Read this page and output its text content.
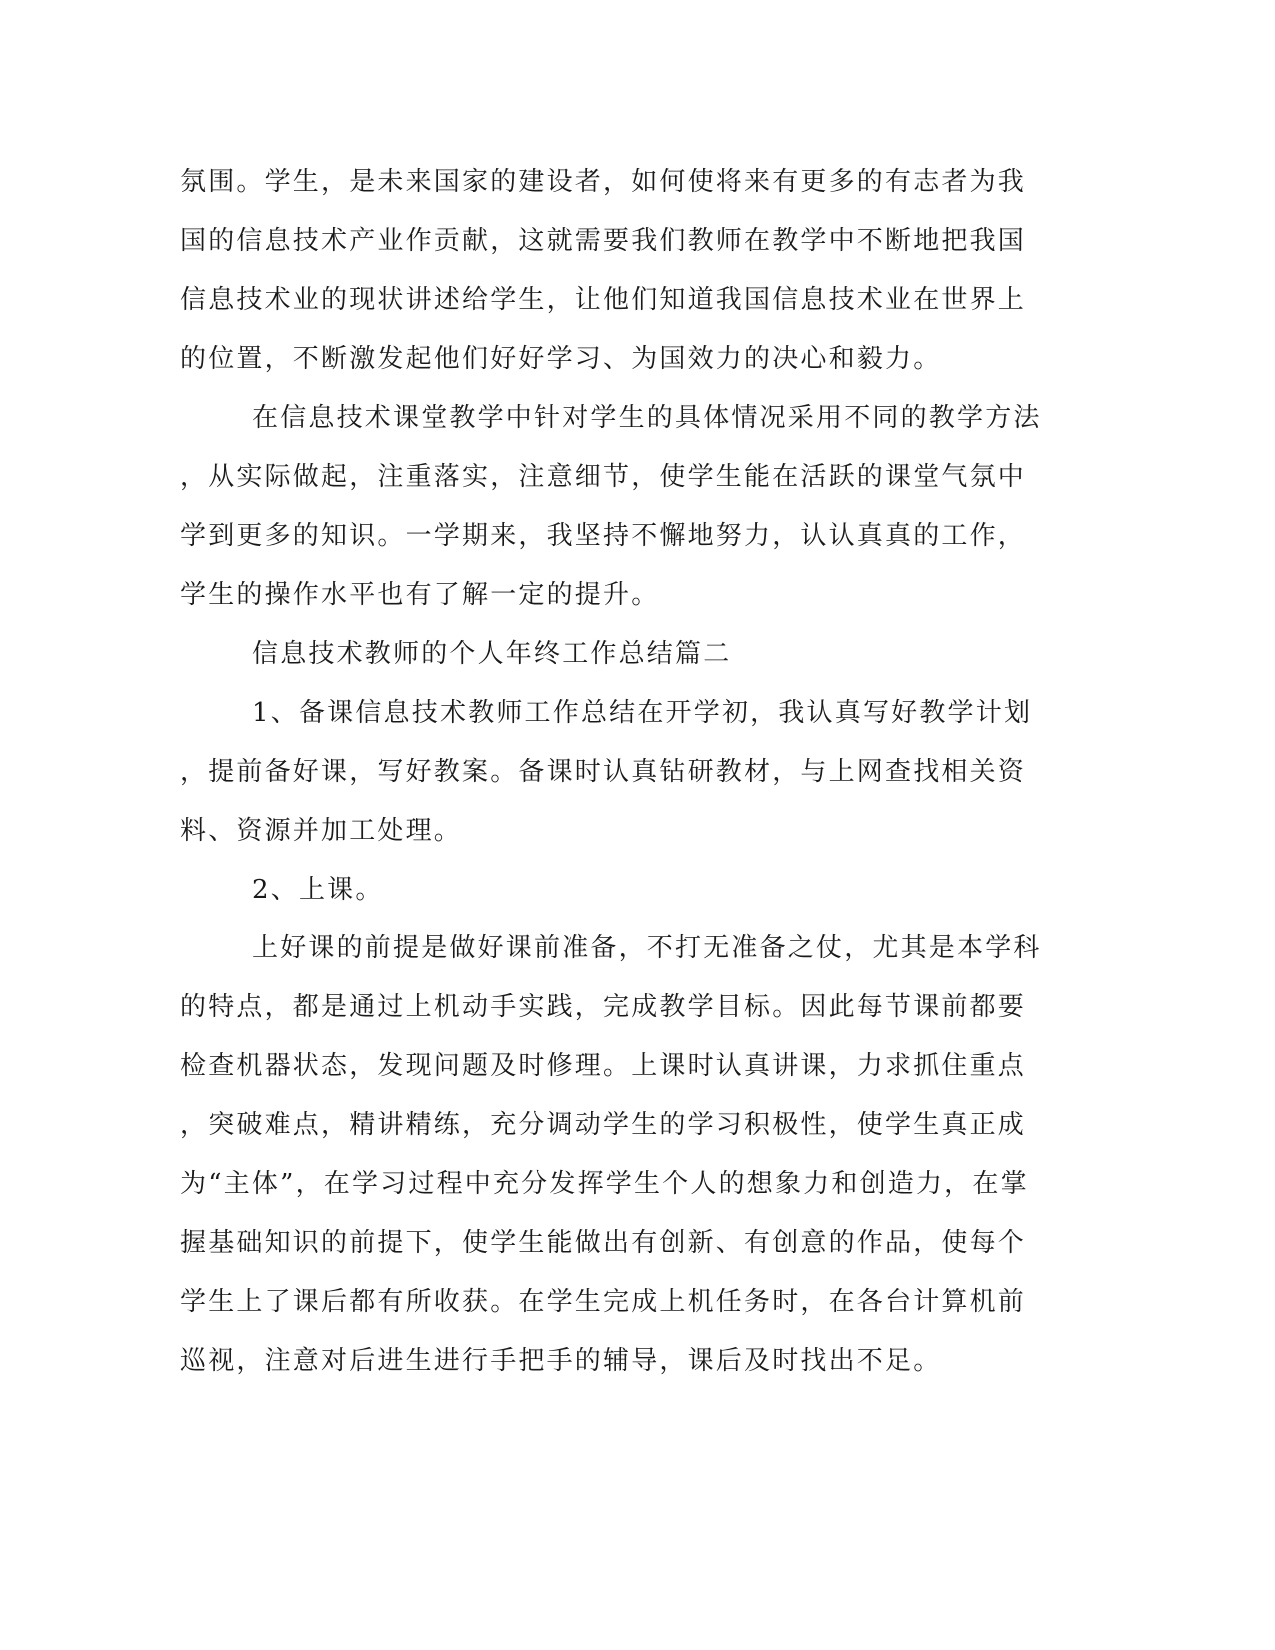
氛围。学生，是未来国家的建设者，如何使将来有更多的有志者为我
国的信息技术产业作贡献，这就需要我们教师在教学中不断地把我国
信息技术业的现状讲述给学生，让他们知道我国信息技术业在世界上
的位置，不断激发起他们好好学习、为国效力的决心和毅力。
在信息技术课堂教学中针对学生的具体情况采用不同的教学方法
，从实际做起，注重落实，注意细节，使学生能在活跃的课堂气氛中
学到更多的知识。一学期来，我坚持不懈地努力，认认真真的工作，
学生的操作水平也有了解一定的提升。
信息技术教师的个人年终工作总结篇二
1、备课信息技术教师工作总结在开学初，我认真写好教学计划
，提前备好课，写好教案。备课时认真钻研教材，与上网查找相关资
料、资源并加工处理。
2、上课。
上好课的前提是做好课前准备，不打无准备之仗，尤其是本学科
的特点，都是通过上机动手实践，完成教学目标。因此每节课前都要
检查机器状态，发现问题及时修理。上课时认真讲课，力求抓住重点
，突破难点，精讲精练，充分调动学生的学习积极性，使学生真正成
为“主体”，在学习过程中充分发挥学生个人的想象力和创造力，在掌
握基础知识的前提下，使学生能做出有创新、有创意的作品，使每个
学生上了课后都有所收获。在学生完成上机任务时，在各台计算机前
巡视，注意对后进生进行手把手的辅导，课后及时找出不足。
